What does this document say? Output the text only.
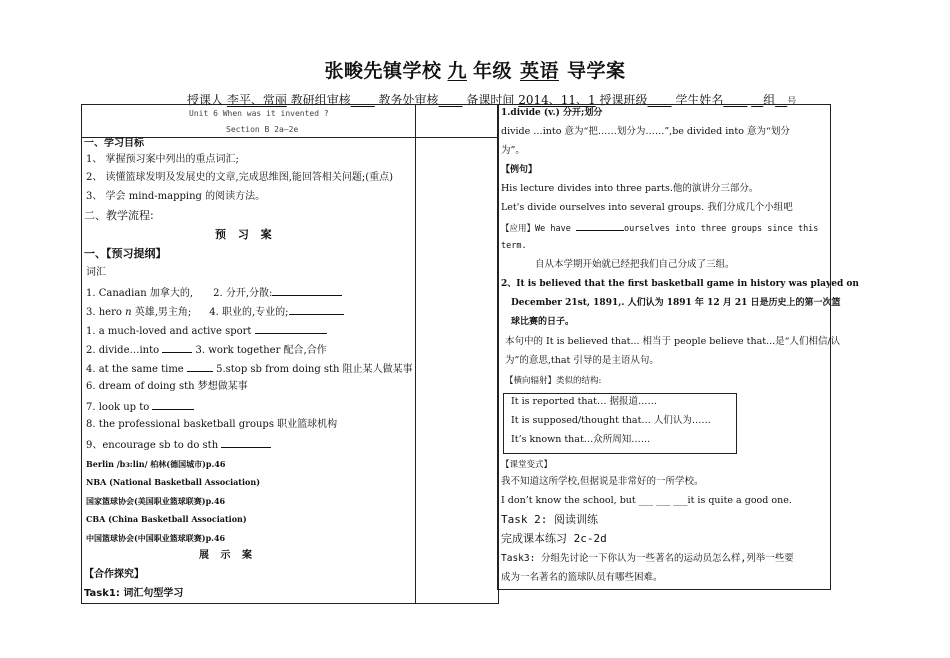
张畯先镇学校 九 年级 英语 导学案
授课人 李平、常丽 教研组审核____ 教务处审核____ 备课时间 2014、11、1 授课班级____ 学生姓名____ __组__号
Unit 6 When was it invented ?
Section B 2a—2e
一、学习目标
1、 掌握预习案中列出的重点词汇;
2、 读懂篮球发明及发展史的文章,完成思维图,能回答相关问题;(重点)
3、 学会 mind-mapping 的阅读方法。
二、教学流程:
预 习 案
一、【预习提纲】
词汇
1. Canadian 加拿大的, 2. 分开,分散:
3. hero n 英雄,男主角; 4. 职业的,专业的;
1. a much-loved and active sport
2. divide…into	3. work together 配合,合作
4. at the same time	5.stop sb from doing sth 阻止某人做某事
6. dream of doing sth 梦想做某事
7. look up to
8. the professional basketball groups 职业篮球机构
9、encourage sb to do sth
Berlin /bɜ:lin/ 柏林(德国城市)p.46
NBA (National Basketball Association)
国家篮球协会(美国职业篮球联赛)p.46
CBA (China Basketball Association)
中国篮球协会(中国职业篮球联赛)p.46
展 示 案
【合作探究】
Task1: 词汇句型学习
1.divide (v.) 分开;划分
divide …into 意为“把……划分为……”,be divided into 意为“划分
为”。
【例句】
His lecture divides into three parts.他的演讲分三部分。
Let's divide ourselves into several groups. 我们分成几个小组吧
【应用】We have	ourselves into three groups since this
term.
自从本学期开始就已经把我们自己分成了三组。
2、It is believed that the first basketball game in history was played on
December 21st, 1891,. 人们认为 1891 年 12 月 21 日是历史上的第一次篮
球比赛的日子。
本句中的 It is believed that... 相当于 people believe that...是“人们相信/认
为”的意思,that 引导的是主语从句。
【横向辐射】类似的结构:
It is reported that… 据报道……
It is supposed/thought that… 人们认为……
It’s known that…众所周知……
【课堂变式】
我不知道这所学校,但据说是非常好的一所学校。
I don’t know the school, but ___ ___ ___it is quite a good one.
Task 2: 阅读训练
完成课本练习 2c-2d
Task3: 分组先讨论一下你认为一些著名的运动员怎么样,列举一些要
成为一名著名的篮球队员有哪些困难。
